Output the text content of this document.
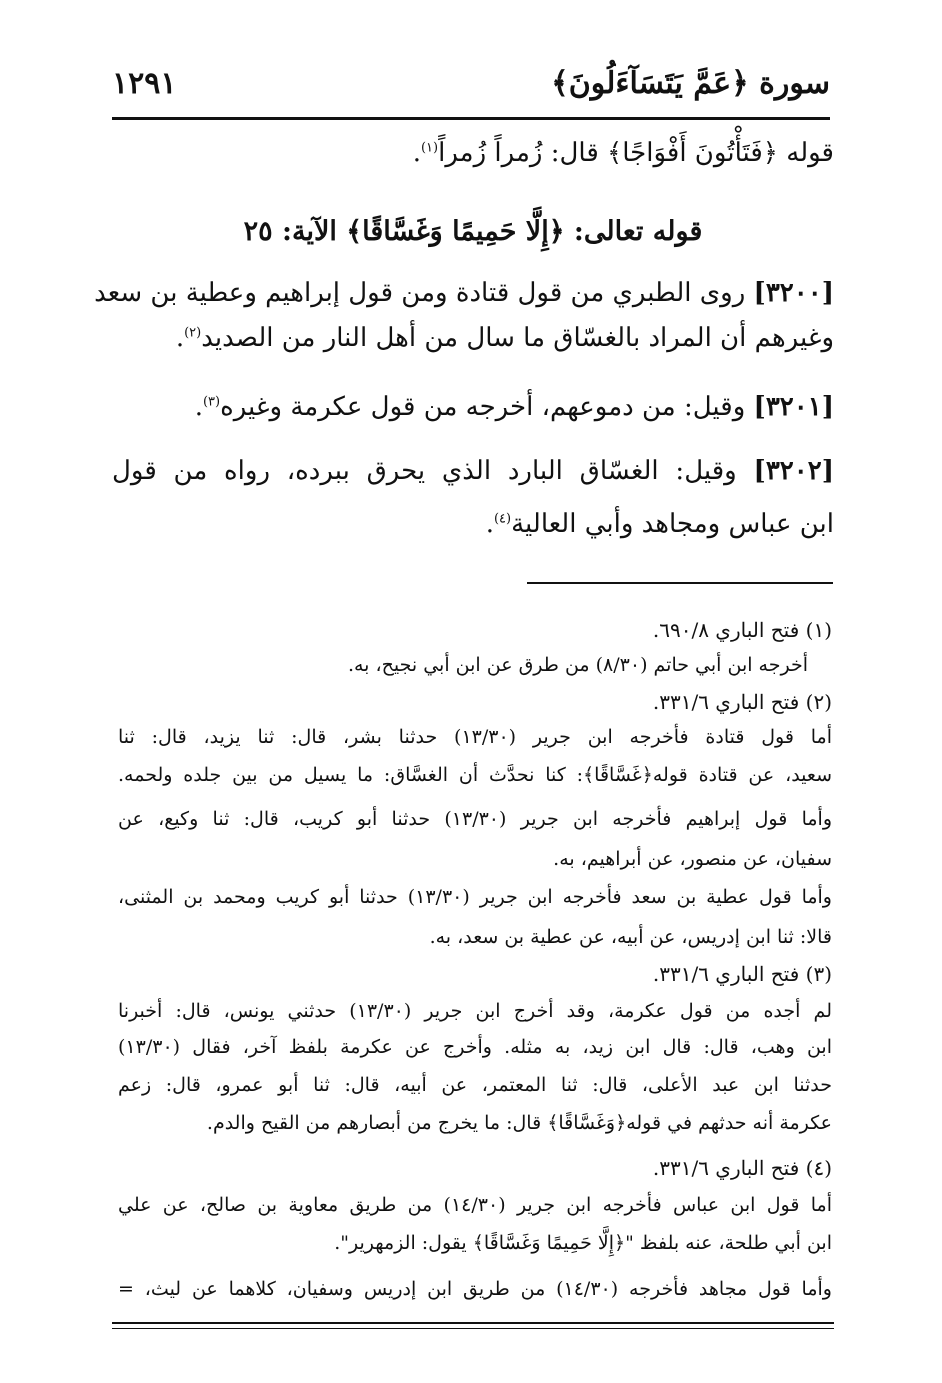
١٢٩١	سورة ﴿عَمَّ يَتَسَآءَلُونَ﴾
قوله ﴿فَتَأْتُونَ أَفْوَاجًا﴾ قال: زُمراً زُمراً$^{(١)}$.
قوله تعالى: ﴿إِلَّا حَمِيمًا وَغَسَّاقًا﴾ الآية: ٢٥
[٣٢٠٠] روى الطبري من قول قتادة ومن قول إبراهيم وعطية بن سعد
وغيرهم أن المراد بالغسّاق ما سال من أهل النار من الصديد$^{(٢)}$.
[٣٢٠١] وقيل: من دموعهم، أخرجه من قول عكرمة وغيره$^{(٣)}$.
[٣٢٠٢] وقيل: الغسّاق البارد الذي يحرق ببرده، رواه من قول
ابن عباس ومجاهد وأبي العالية$^{(٤)}$.
(١) فتح الباري ٦٩٠/٨.
أخرجه ابن أبي حاتم (٨/٣٠) من طرق عن ابن أبي نجيح، به.
(٢) فتح الباري ٣٣١/٦.
أما قول قتادة فأخرجه ابن جرير (١٣/٣٠) حدثنا بشر، قال: ثنا يزيد، قال: ثنا
سعيد، عن قتادة قوله﴿غَسَّاقًا﴾: كنا نحدَّث أن الغسَّاق: ما يسيل من بين جلده ولحمه.
وأما قول إبراهيم فأخرجه ابن جرير (١٣/٣٠) حدثنا أبو كريب، قال: ثنا وكيع، عن
سفيان، عن منصور، عن أبراهيم، به.
وأما قول عطية بن سعد فأخرجه ابن جرير (١٣/٣٠) حدثنا أبو كريب ومحمد بن المثنى،
قالا: ثنا ابن إدريس، عن أبيه، عن عطية بن سعد، به.
(٣) فتح الباري ٣٣١/٦.
لم أجده من قول عكرمة، وقد أخرج ابن جرير (١٣/٣٠) حدثني يونس، قال: أخبرنا
ابن وهب، قال: قال ابن زيد، به مثله. وأخرج عن عكرمة بلفظ آخر، فقال (١٣/٣٠)
حدثنا ابن عبد الأعلى، قال: ثنا المعتمر، عن أبيه، قال: ثنا أبو عمرو، قال: زعم
عكرمة أنه حدثهم في قوله﴿وَغَسَّاقًا﴾ قال: ما يخرج من أبصارهم من القيح والدم.
(٤) فتح الباري ٣٣١/٦.
أما قول ابن عباس فأخرجه ابن جرير (١٤/٣٠) من طريق معاوية بن صالح، عن علي
ابن أبي طلحة، عنه بلفظ "﴿إِلَّا حَمِيمًا وَغَسَّاقًا﴾ يقول: الزمهرير".
وأما قول مجاهد فأخرجه (١٤/٣٠) من طريق ابن إدريس وسفيان، كلاهما عن ليث، =
